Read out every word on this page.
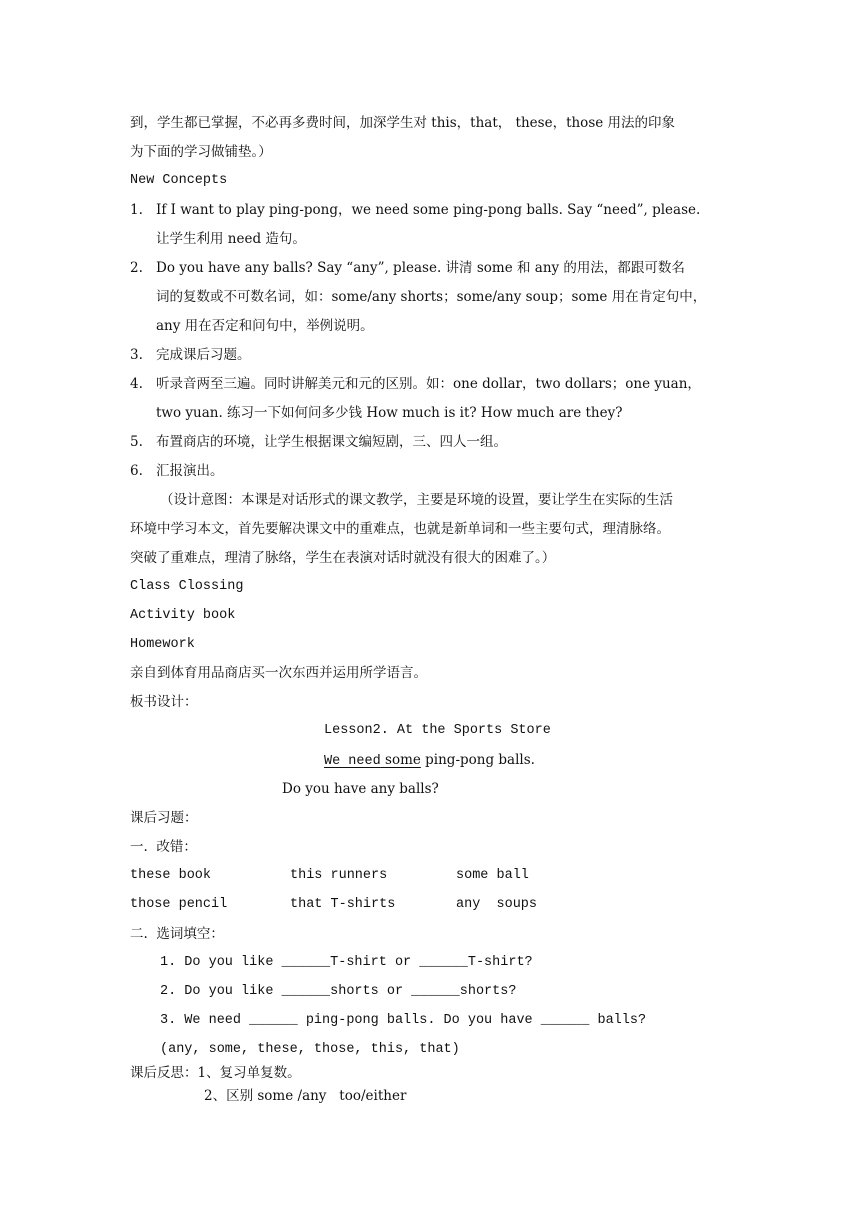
到，学生都已掌握，不必再多费时间，加深学生对 this，that， these，those 用法的印象
为下面的学习做铺垫。）
New Concepts
1. If I want to play ping-pong，we need some ping-pong balls. Say “need”, please.
让学生利用 need 造句。
2. Do you have any balls? Say “any”, please. 讲清 some 和 any 的用法，都跟可数名
词的复数或不可数名词，如：some/any shorts；some/any soup；some 用在肯定句中，
any 用在否定和问句中，举例说明。
3. 完成课后习题。
4. 听录音两至三遍。同时讲解美元和元的区别。如：one dollar，two dollars；one yuan，
two yuan. 练习一下如何问多少钱 How much is it? How much are they?
5. 布置商店的环境，让学生根据课文编短剧，三、四人一组。
6. 汇报演出。
（设计意图：本课是对话形式的课文教学，主要是环境的设置，要让学生在实际的生活
环境中学习本文，首先要解决课文中的重难点，也就是新单词和一些主要句式，理清脉络。
突破了重难点，理清了脉络，学生在表演对话时就没有很大的困难了。）
Class Clossing
Activity book
Homework
亲自到体育用品商店买一次东西并运用所学语言。
板书设计：
Lesson2. At the Sports Store
We need some ping-pong balls.
Do you have any balls?
课后习题：
一.  改错：
these book	this runners	some ball
those pencil	that T-shirts	any  soups
二.  选词填空：
1. Do you like ______T-shirt or ______T-shirt?
2. Do you like ______shorts or ______shorts?
3. We need ______ ping-pong balls. Do you have ______ balls?
(any, some, these, those, this, that)
课后反思：1、复习单复数。
2、区别 some /any   too/either
